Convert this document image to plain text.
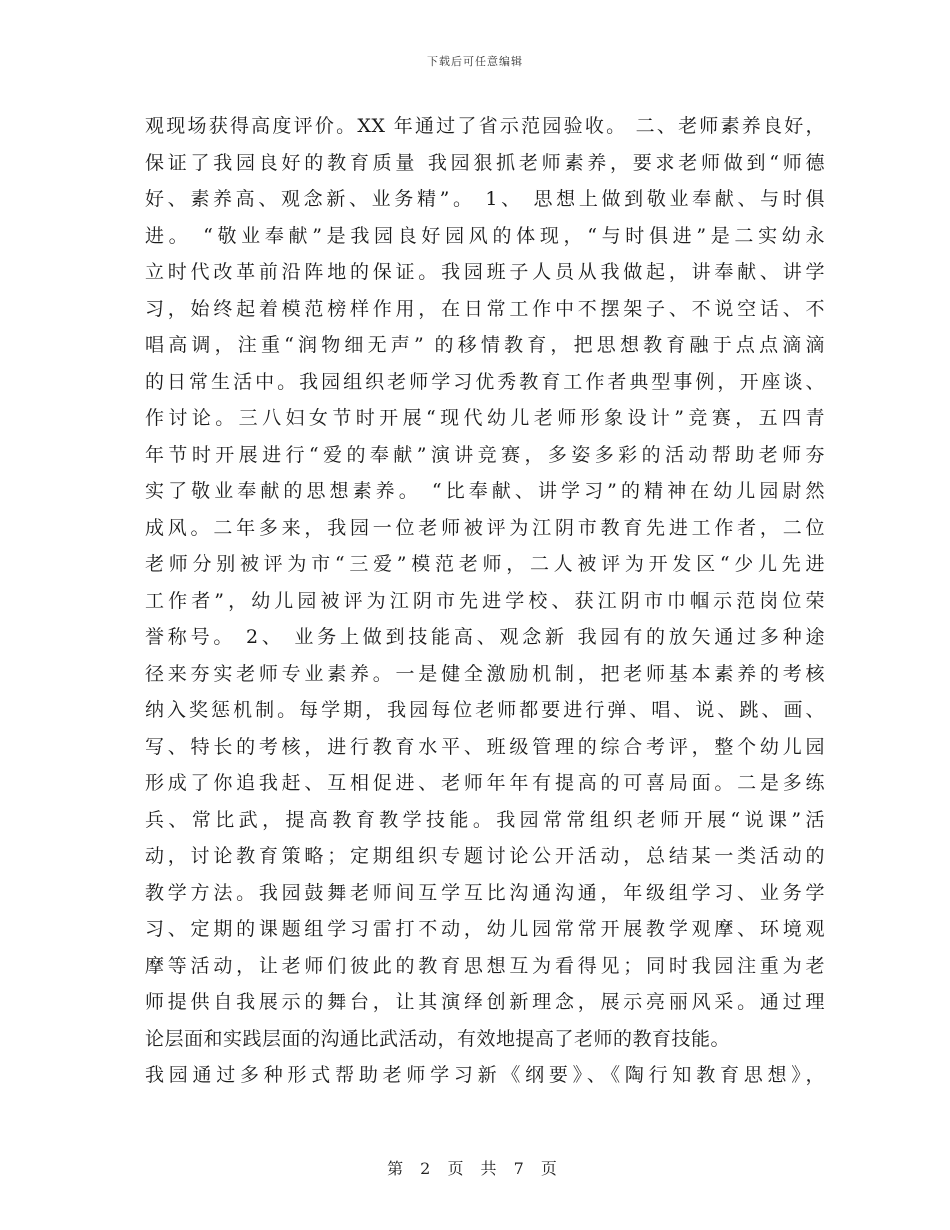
下载后可任意编辑
观现场获得高度评价。XX 年通过了省示范园验收。 二、老师素养良好，
保证了我园良好的教育质量 我园狠抓老师素养，要求老师做到“师德
好、素养高、观念新、业务精”。 1、 思想上做到敬业奉献、与时俱
进。 “敬业奉献”是我园良好园风的体现，“与时俱进”是二实幼永
立时代改革前沿阵地的保证。我园班子人员从我做起，讲奉献、讲学
习，始终起着模范榜样作用，在日常工作中不摆架子、不说空话、不
唱高调，注重“润物细无声” 的移情教育，把思想教育融于点点滴滴
的日常生活中。我园组织老师学习优秀教育工作者典型事例，开座谈、
作讨论。三八妇女节时开展“现代幼儿老师形象设计”竞赛，五四青
年节时开展进行“爱的奉献”演讲竞赛，多姿多彩的活动帮助老师夯
实了敬业奉献的思想素养。 “比奉献、讲学习”的精神在幼儿园尉然
成风。二年多来，我园一位老师被评为江阴市教育先进工作者，二位
老师分别被评为市“三爱”模范老师，二人被评为开发区“少儿先进
工作者”，幼儿园被评为江阴市先进学校、获江阴市巾帼示范岗位荣
誉称号。 2、 业务上做到技能高、观念新 我园有的放矢通过多种途
径来夯实老师专业素养。一是健全激励机制，把老师基本素养的考核
纳入奖惩机制。每学期，我园每位老师都要进行弹、唱、说、跳、画、
写、特长的考核，进行教育水平、班级管理的综合考评，整个幼儿园
形成了你追我赶、互相促进、老师年年有提高的可喜局面。二是多练
兵、常比武，提高教育教学技能。我园常常组织老师开展“说课”活
动，讨论教育策略；定期组织专题讨论公开活动，总结某一类活动的
教学方法。我园鼓舞老师间互学互比沟通沟通，年级组学习、业务学
习、定期的课题组学习雷打不动，幼儿园常常开展教学观摩、环境观
摩等活动，让老师们彼此的教育思想互为看得见；同时我园注重为老
师提供自我展示的舞台，让其演绎创新理念，展示亮丽风采。通过理
论层面和实践层面的沟通比武活动，有效地提高了老师的教育技能。
我园通过多种形式帮助老师学习新《纲要》、《陶行知教育思想》，
第 2 页 共 7 页
